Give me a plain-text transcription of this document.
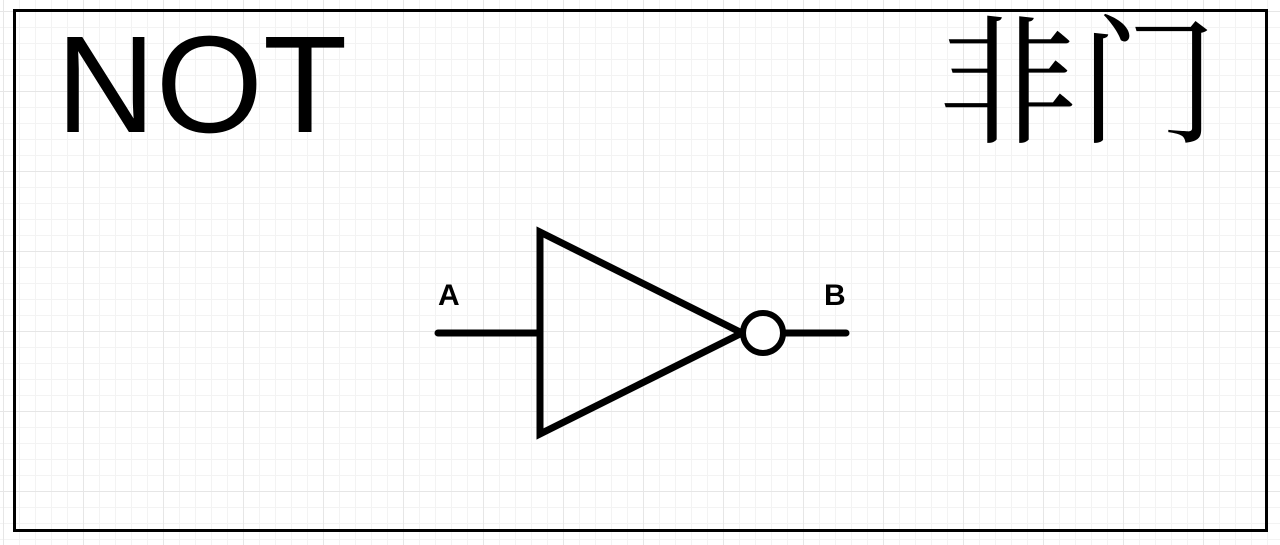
NOT	非门
A	B
